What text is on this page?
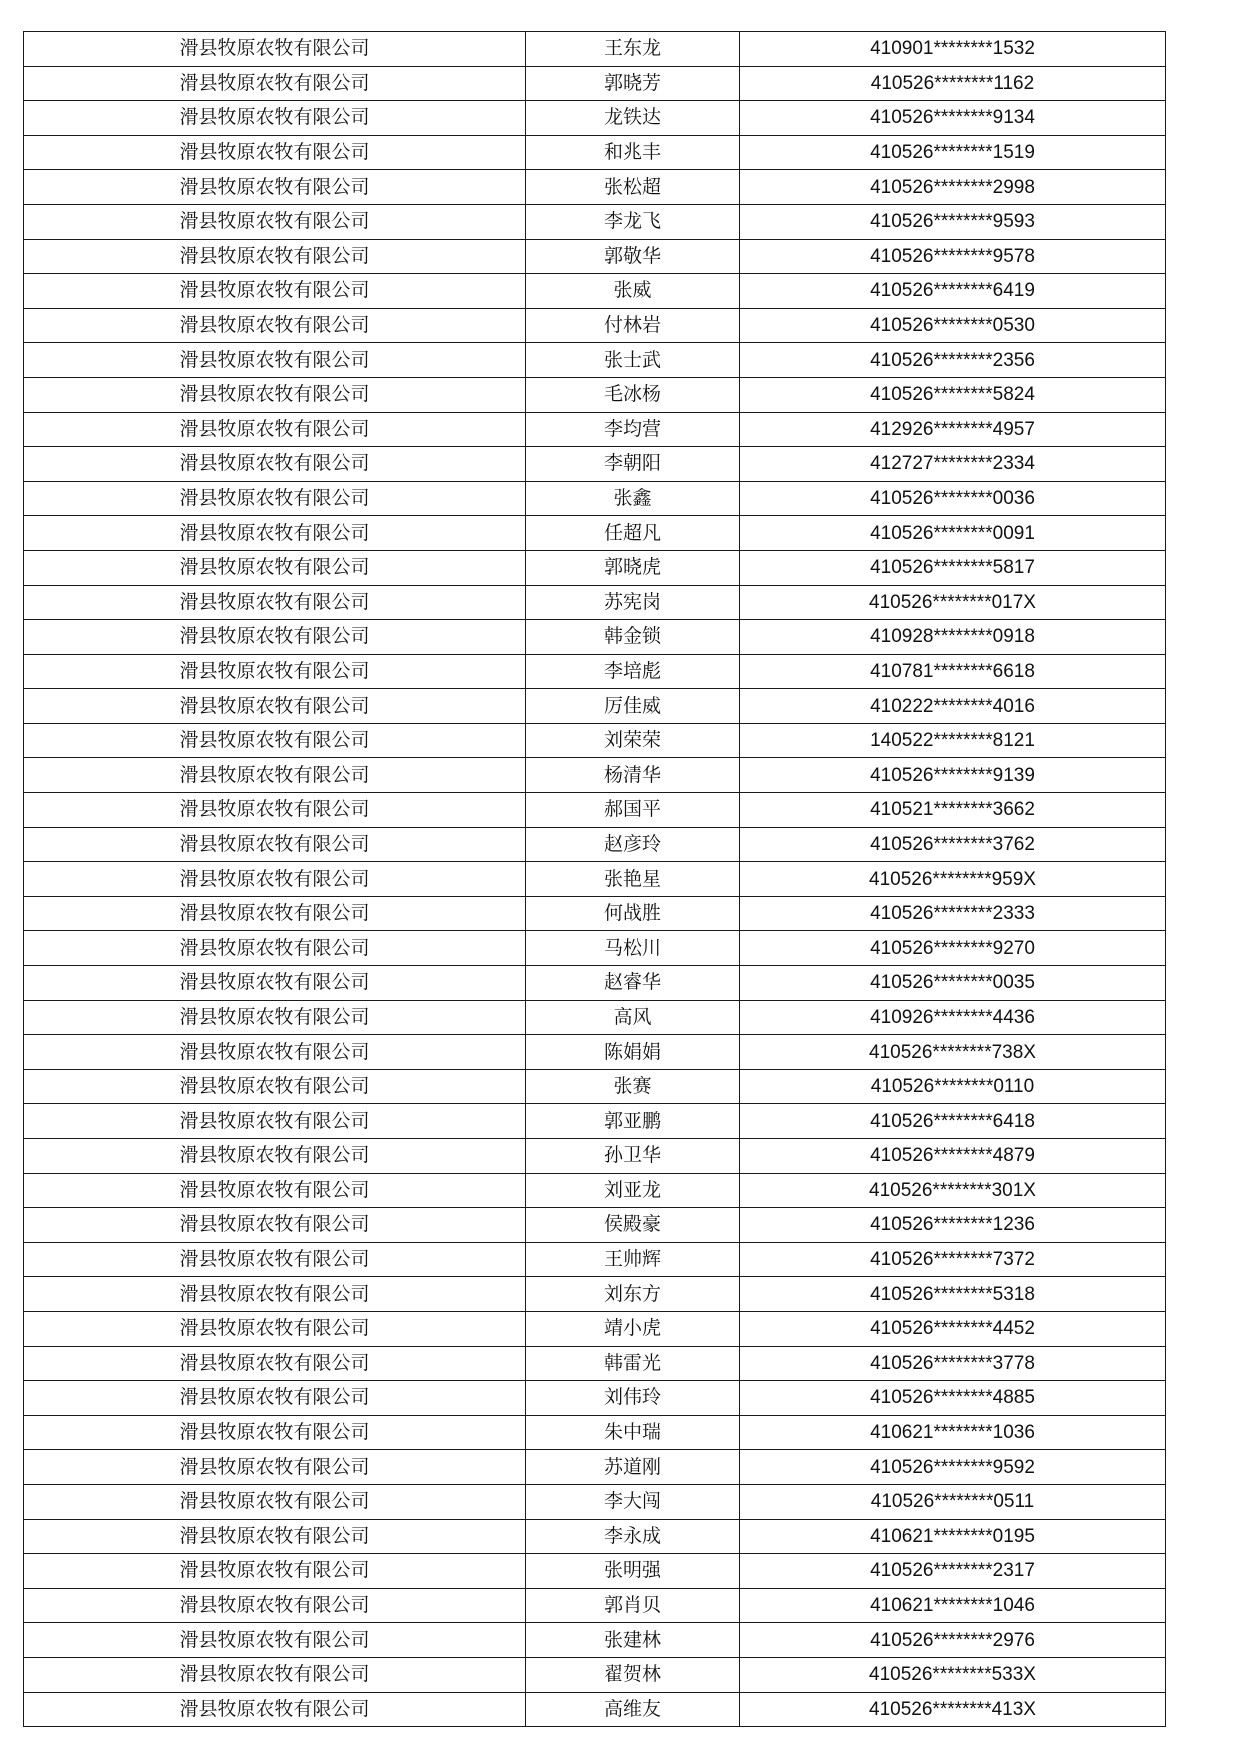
滑县牧原农牧有限公司	王东龙	410901********1532
滑县牧原农牧有限公司	郭晓芳	410526********1162
滑县牧原农牧有限公司	龙铁达	410526********9134
滑县牧原农牧有限公司	和兆丰	410526********1519
滑县牧原农牧有限公司	张松超	410526********2998
滑县牧原农牧有限公司	李龙飞	410526********9593
滑县牧原农牧有限公司	郭敬华	410526********9578
滑县牧原农牧有限公司	张威	410526********6419
滑县牧原农牧有限公司	付林岩	410526********0530
滑县牧原农牧有限公司	张士武	410526********2356
滑县牧原农牧有限公司	毛冰杨	410526********5824
滑县牧原农牧有限公司	李均营	412926********4957
滑县牧原农牧有限公司	李朝阳	412727********2334
滑县牧原农牧有限公司	张鑫	410526********0036
滑县牧原农牧有限公司	任超凡	410526********0091
滑县牧原农牧有限公司	郭晓虎	410526********5817
滑县牧原农牧有限公司	苏宪岗	410526********017X
滑县牧原农牧有限公司	韩金锁	410928********0918
滑县牧原农牧有限公司	李培彪	410781********6618
滑县牧原农牧有限公司	厉佳威	410222********4016
滑县牧原农牧有限公司	刘荣荣	140522********8121
滑县牧原农牧有限公司	杨清华	410526********9139
滑县牧原农牧有限公司	郝国平	410521********3662
滑县牧原农牧有限公司	赵彦玲	410526********3762
滑县牧原农牧有限公司	张艳星	410526********959X
滑县牧原农牧有限公司	何战胜	410526********2333
滑县牧原农牧有限公司	马松川	410526********9270
滑县牧原农牧有限公司	赵睿华	410526********0035
滑县牧原农牧有限公司	高风	410926********4436
滑县牧原农牧有限公司	陈娟娟	410526********738X
滑县牧原农牧有限公司	张赛	410526********0110
滑县牧原农牧有限公司	郭亚鹏	410526********6418
滑县牧原农牧有限公司	孙卫华	410526********4879
滑县牧原农牧有限公司	刘亚龙	410526********301X
滑县牧原农牧有限公司	侯殿豪	410526********1236
滑县牧原农牧有限公司	王帅辉	410526********7372
滑县牧原农牧有限公司	刘东方	410526********5318
滑县牧原农牧有限公司	靖小虎	410526********4452
滑县牧原农牧有限公司	韩雷光	410526********3778
滑县牧原农牧有限公司	刘伟玲	410526********4885
滑县牧原农牧有限公司	朱中瑞	410621********1036
滑县牧原农牧有限公司	苏道刚	410526********9592
滑县牧原农牧有限公司	李大闯	410526********0511
滑县牧原农牧有限公司	李永成	410621********0195
滑县牧原农牧有限公司	张明强	410526********2317
滑县牧原农牧有限公司	郭肖贝	410621********1046
滑县牧原农牧有限公司	张建林	410526********2976
滑县牧原农牧有限公司	翟贺林	410526********533X
滑县牧原农牧有限公司	高维友	410526********413X
